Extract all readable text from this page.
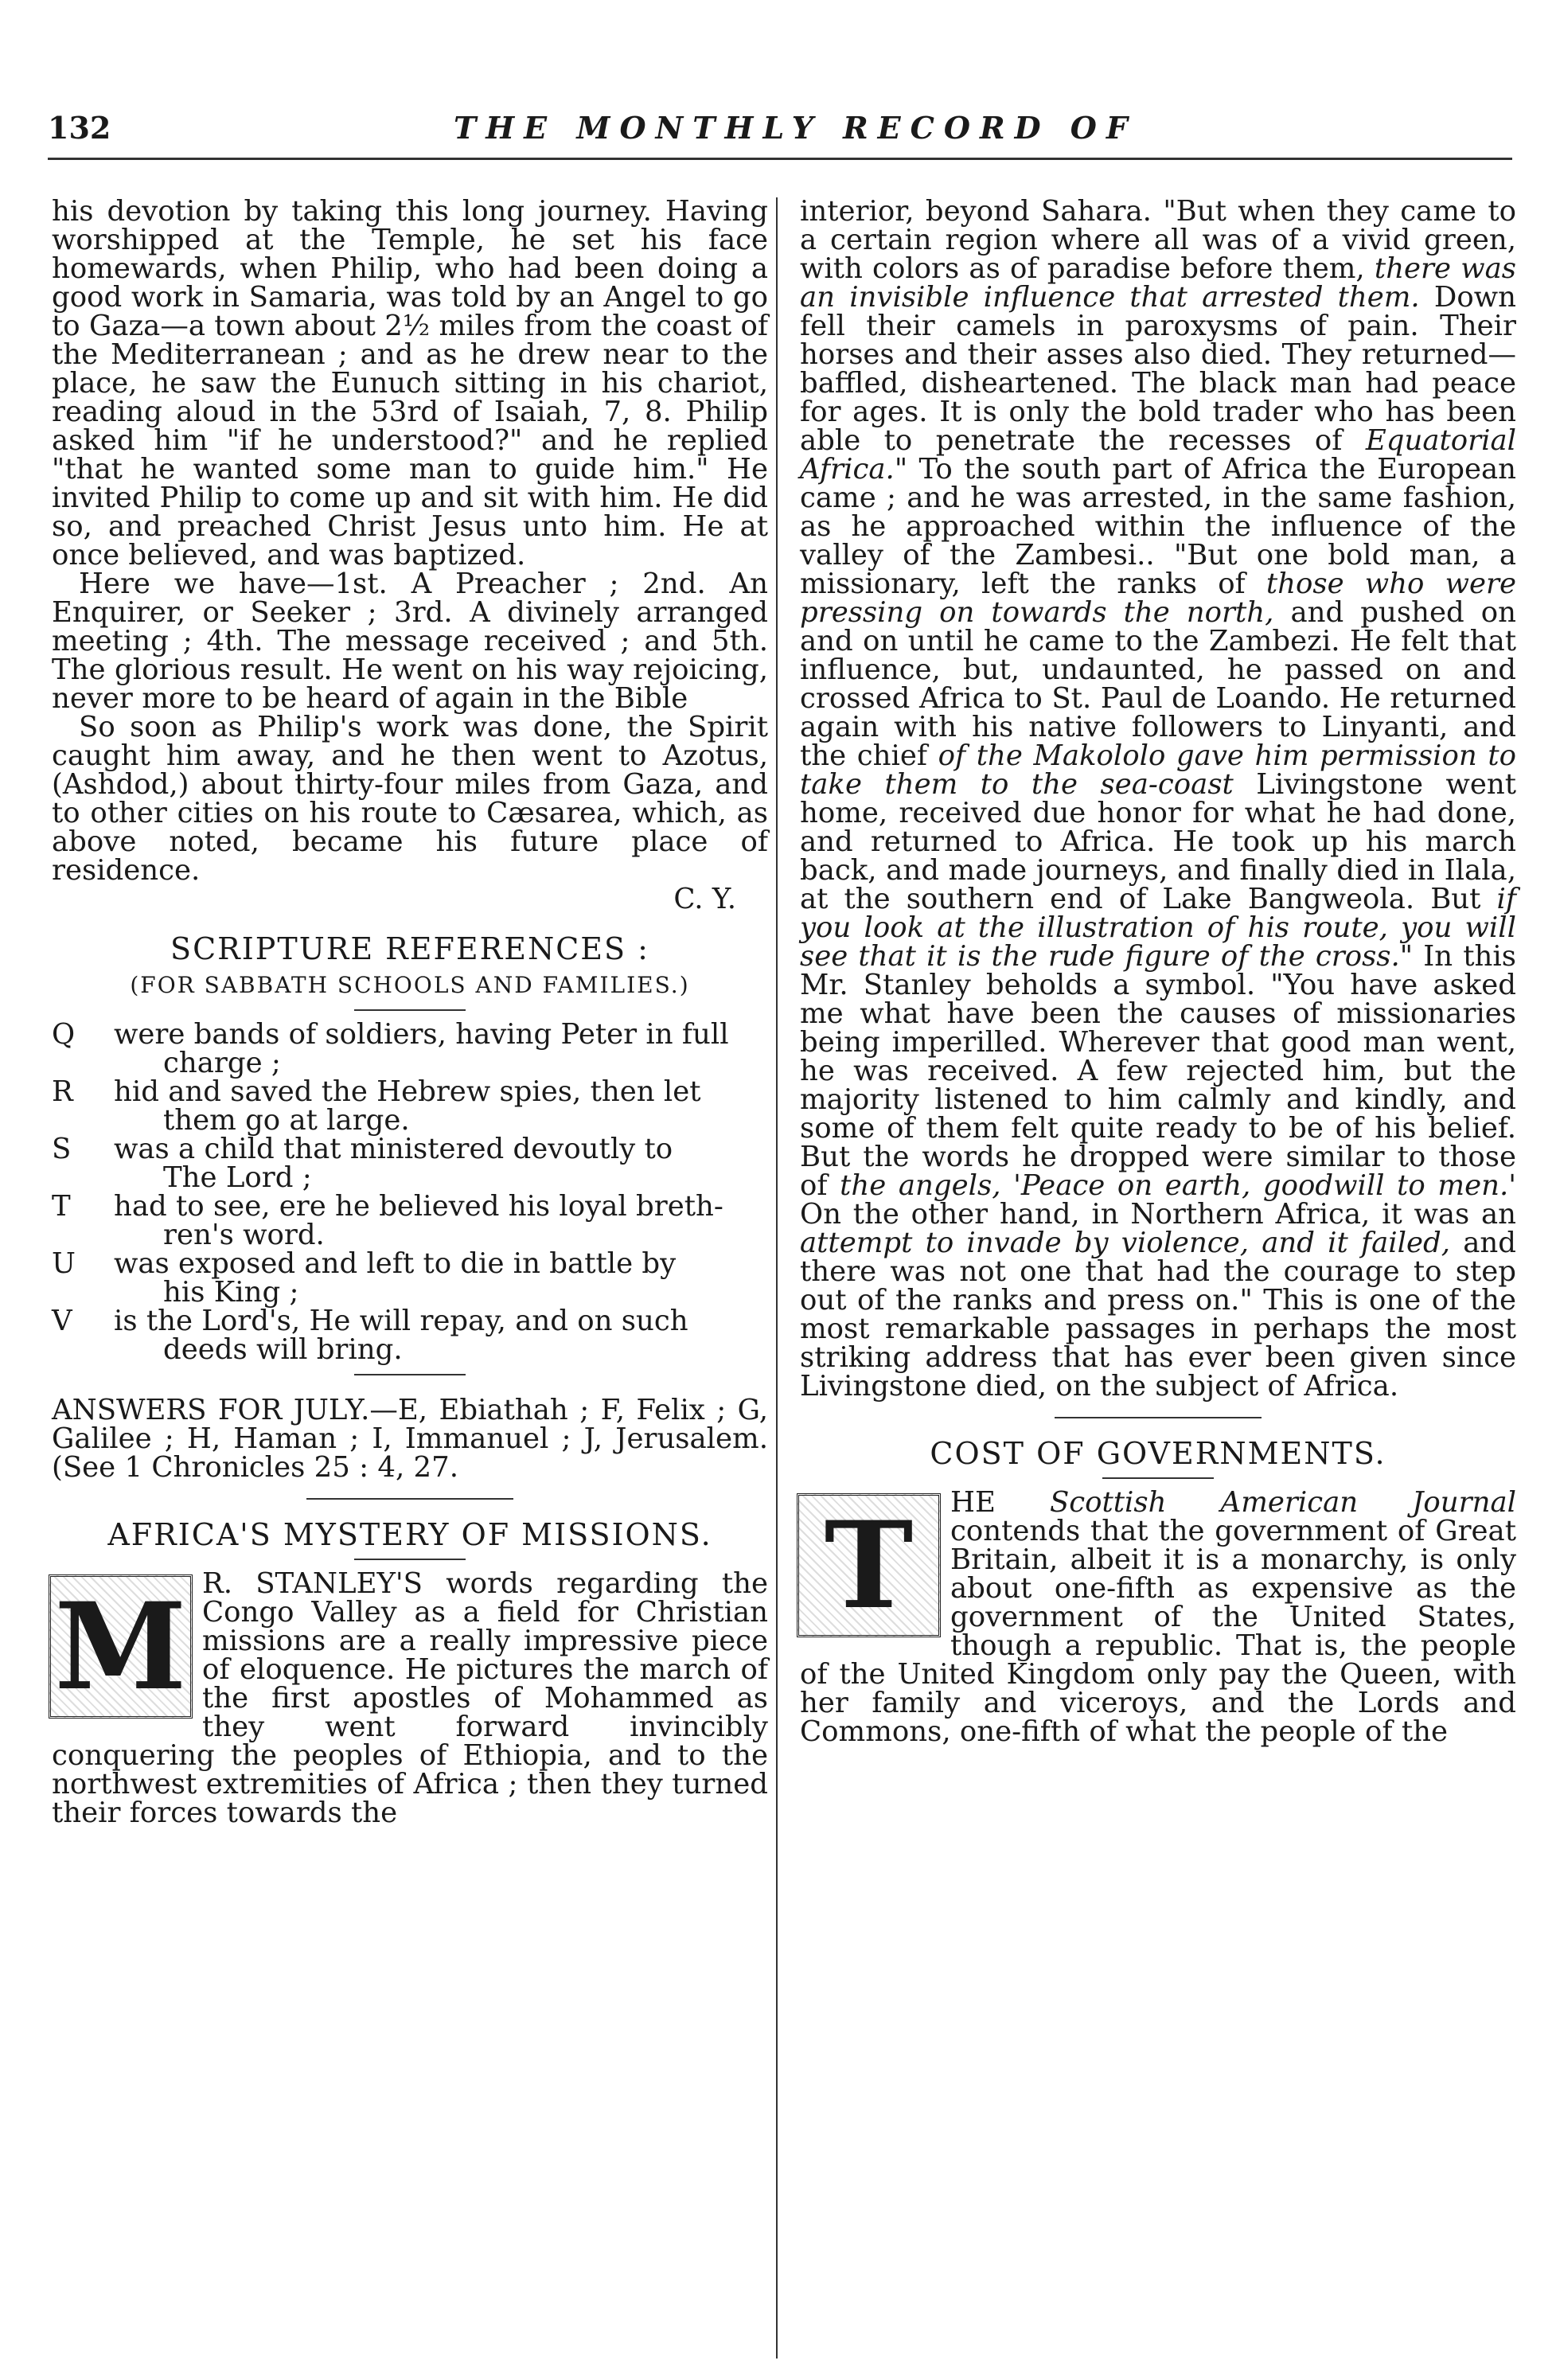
132	THE MONTHLY RECORD OF

his devotion by taking this long journey. Having worshipped at the Temple, he set his face homewards, when Philip, who had been doing a good work in Samaria, was told by an Angel to go to Gaza—a town about 2½ miles from the coast of the Mediterranean ; and as he drew near to the place, he saw the Eunuch sitting in his chariot, reading aloud in the 53rd of Isaiah, 7, 8. Philip asked him "if he understood?" and he replied "that he wanted some man to guide him." He invited Philip to come up and sit with him. He did so, and preached Christ Jesus unto him. He at once believed, and was baptized.

Here we have—1st. A Preacher ; 2nd. An Enquirer, or Seeker ; 3rd. A divinely arranged meeting ; 4th. The message received ; and 5th. The glorious result. He went on his way rejoicing, never more to be heard of again in the Bible

So soon as Philip's work was done, the Spirit caught him away, and he then went to Azotus, (Ashdod,) about thirty-four miles from Gaza, and to other cities on his route to Cæsarea, which, as above noted, became his future place of residence.

C. Y.
SCRIPTURE REFERENCES :
(FOR SABBATH SCHOOLS AND FAMILIES.)
Q	were bands of soldiers, having Peter in full
charge ;
R	hid and saved the Hebrew spies, then let
them go at large.
S	was a child that ministered devoutly to
The Lord ;
T	had to see, ere he believed his loyal breth-
ren's word.
U	was exposed and left to die in battle by
his King ;
V	is the Lord's, He will repay, and on such
deeds will bring.

ANSWERS FOR JULY.—E, Ebiathah ; F, Felix ; G, Galilee ; H, Haman ; I, Immanuel ; J, Jerusalem. (See 1 Chronicles 25 : 4, 27.

AFRICA'S MYSTERY OF MISSIONS.

M R. STANLEY'S words regarding the Congo Valley as a field for Christian missions are a really impressive piece of eloquence. He pictures the march of the first apostles of Mohammed as they went forward invincibly conquering the peoples of Ethiopia, and to the northwest extremities of Africa ; then they turned their forces towards the

interior, beyond Sahara. "But when they came to a certain region where all was of a vivid green, with colors as of paradise before them, there was an invisible influence that arrested them. Down fell their camels in paroxysms of pain. Their horses and their asses also died. They returned—baffled, disheartened. The black man had peace for ages. It is only the bold trader who has been able to penetrate the recesses of Equatorial Africa." To the south part of Africa the European came ; and he was arrested, in the same fashion, as he approached within the influence of the valley of the Zambesi.. "But one bold man, a missionary, left the ranks of those who were pressing on towards the north, and pushed on and on until he came to the Zambezi. He felt that influence, but, undaunted, he passed on and crossed Africa to St. Paul de Loando. He returned again with his native followers to Linyanti, and the chief of the Makololo gave him permission to take them to the sea-coast Livingstone went home, received due honor for what he had done, and returned to Africa. He took up his march back, and made journeys, and finally died in Ilala, at the southern end of Lake Bangweola. But if you look at the illustration of his route, you will see that it is the rude figure of the cross." In this Mr. Stanley beholds a symbol. "You have asked me what have been the causes of missionaries being imperilled. Wherever that good man went, he was received. A few rejected him, but the majority listened to him calmly and kindly, and some of them felt quite ready to be of his belief. But the words he dropped were similar to those of the angels, 'Peace on earth, goodwill to men.' On the other hand, in Northern Africa, it was an attempt to invade by violence, and it failed, and there was not one that had the courage to step out of the ranks and press on." This is one of the most remarkable passages in perhaps the most striking address that has ever been given since Livingstone died, on the subject of Africa.

COST OF GOVERNMENTS.

T	HE Scottish American Journal contends that the government of Great Britain, albeit it is a monarchy, is only about one-fifth as expensive as the government of the United States, though a republic. That is, the people of the United Kingdom only pay the Queen, with her family and viceroys, and the Lords and Commons, one-fifth of what the people of the
